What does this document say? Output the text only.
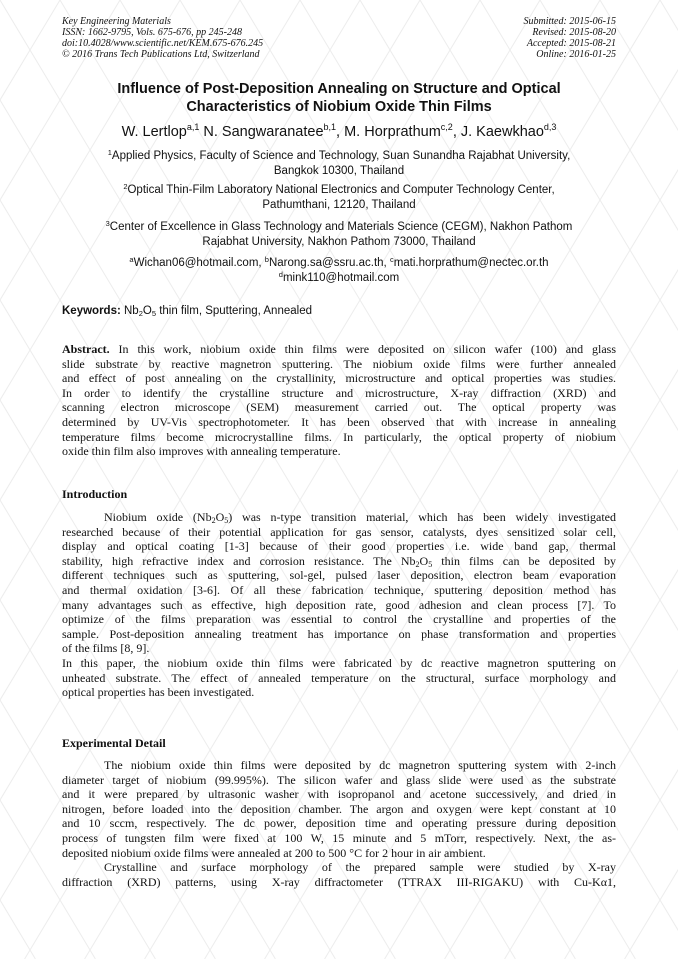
Key Engineering Materials
ISSN: 1662-9795, Vols. 675-676, pp 245-248
doi:10.4028/www.scientific.net/KEM.675-676.245
© 2016 Trans Tech Publications Ltd, Switzerland
Submitted: 2015-06-15
Revised: 2015-08-20
Accepted: 2015-08-21
Online: 2016-01-25
Influence of Post-Deposition Annealing on Structure and Optical
Characteristics of Niobium Oxide Thin Films
W. Lertlop$^{a,1}$ N. Sangwaranatee$^{b,1}$, M. Horprathum$^{c,2}$, J. Kaewkhao$^{d,3}$
$^1$Applied Physics, Faculty of Science and Technology, Suan Sunandha Rajabhat University,
Bangkok 10300, Thailand
$^2$Optical Thin-Film Laboratory National Electronics and Computer Technology Center,
Pathumthani, 12120, Thailand
$^3$Center of Excellence in Glass Technology and Materials Science (CEGM), Nakhon Pathom
Rajabhat University, Nakhon Pathom 73000, Thailand
$^a$Wichan06@hotmail.com, $^b$Narong.sa@ssru.ac.th, $^c$mati.horprathum@nectec.or.th
$^d$mink110@hotmail.com
Keywords: $Nb_2O_5$ thin film, Sputtering, Annealed
Abstract. In this work, niobium oxide thin films were deposited on silicon wafer (100) and glass
slide substrate by reactive magnetron sputtering. The niobium oxide films were further annealed
and effect of post annealing on the crystallinity, microstructure and optical properties was studies.
In order to identify the crystalline structure and microstructure, X-ray diffraction (XRD) and
scanning electron microscope (SEM) measurement carried out. The optical property was
determined by UV-Vis spectrophotometer. It has been observed that with increase in annealing
temperature films become microcrystalline films. In particularly, the optical property of niobium
oxide thin film also improves with annealing temperature.
Introduction
Niobium oxide $(Nb_2O_5)$ was n-type transition material, which has been widely investigated
researched because of their potential application for gas sensor, catalysts, dyes sensitized solar cell,
display and optical coating [1-3] because of their good properties i.e. wide band gap, thermal
stability, high refractive index and corrosion resistance. The $Nb_2O_5$ thin films can be deposited by
different techniques such as sputtering, sol-gel, pulsed laser deposition, electron beam evaporation
and thermal oxidation [3-6]. Of all these fabrication technique, sputtering deposition method has
many advantages such as effective, high deposition rate, good adhesion and clean process [7]. To
optimize of the films preparation was essential to control the crystalline and properties of the
sample. Post-deposition annealing treatment has importance on phase transformation and properties
of the films [8, 9].
In this paper, the niobium oxide thin films were fabricated by dc reactive magnetron sputtering on
unheated substrate. The effect of annealed temperature on the structural, surface morphology and
optical properties has been investigated.
Experimental Detail
The niobium oxide thin films were deposited by dc magnetron sputtering system with 2-inch
diameter target of niobium (99.995%). The silicon wafer and glass slide were used as the substrate
and it were prepared by ultrasonic washer with isopropanol and acetone successively, and dried in
nitrogen, before loaded into the deposition chamber. The argon and oxygen were kept constant at 10
and 10 sccm, respectively. The dc power, deposition time and operating pressure during deposition
process of tungsten film were fixed at 100 W, 15 minute and 5 mTorr, respectively. Next, the as-
deposited niobium oxide films were annealed at 200 to 500 °C for 2 hour in air ambient.
Crystalline and surface morphology of the prepared sample were studied by X-ray
diffraction (XRD) patterns, using X-ray diffractometer (TTRAX III-RIGAKU) with Cu-Kα1,
